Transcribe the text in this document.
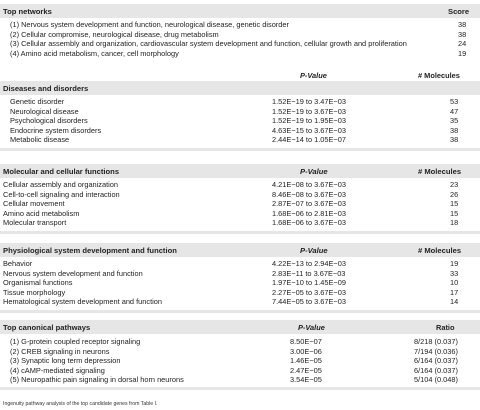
Top networks	Score
(1) Nervous system development and function, neurological disease, genetic disorder	38
(2) Cellular compromise, neurological disease, drug metabolism	38
(3) Cellular assembly and organization, cardiovascular system development and function, cellular growth and proliferation	24
(4) Amino acid metabolism, cancer, cell morphology	19
P-Value	# Molecules
Diseases and disorders
Genetic disorder	1.52E−19 to 3.47E−03	53
Neurological disease	1.52E−19 to 3.67E−03	47
Psychological disorders	1.52E−19 to 1.95E−03	35
Endocrine system disorders	4.63E−15 to 3.67E−03	38
Metabolic disease	2.44E−14 to 1.05E−07	38
Molecular and cellular functions	P-Value	# Molecules
Cellular assembly and organization	4.21E−08 to 3.67E−03	23
Cell-to-cell signaling and interaction	8.46E−08 to 3.67E−03	26
Cellular movement	2.87E−07 to 3.67E−03	15
Amino acid metabolism	1.68E−06 to 2.81E−03	15
Molecular transport	1.68E−06 to 3.67E−03	18
Physiological system development and function	P-Value	# Molecules
Behavior	4.22E−13 to 2.94E−03	19
Nervous system development and function	2.83E−11 to 3.67E−03	33
Organismal functions	1.97E−10 to 1.45E−09	10
Tissue morphology	2.27E−05 to 3.67E−03	17
Hematological system development and function	7.44E−05 to 3.67E−03	14
Top canonical pathways	P-Value	Ratio
(1) G-protein coupled receptor signaling	8.50E−07	8/218 (0.037)
(2) CREB signaling in neurons	3.00E−06	7/194 (0.036)
(3) Synaptic long term depression	1.46E−05	6/164 (0.037)
(4) cAMP-mediated signaling	2.47E−05	6/164 (0.037)
(5) Neuropathic pain signaling in dorsal horn neurons	3.54E−05	5/104 (0.048)
Ingenuity pathway analysis of the top candidate genes from Table I.
